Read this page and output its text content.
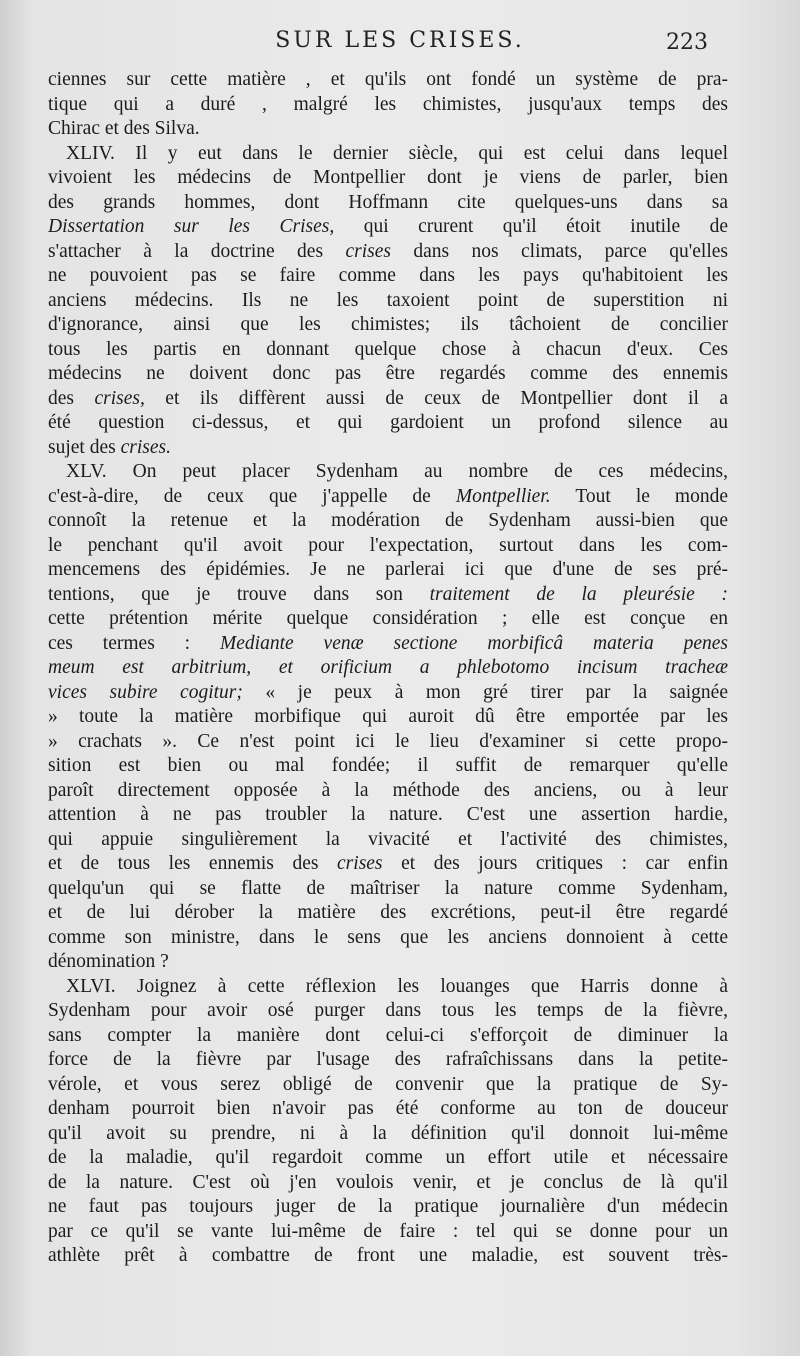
SUR LES CRISES.	223
ciennes sur cette matière , et qu'ils ont fondé un système de pra-
tique qui a duré , malgré les chimistes, jusqu'aux temps des
Chirac et des Silva.
XLIV. Il y eut dans le dernier siècle, qui est celui dans lequel
vivoient les médecins de Montpellier dont je viens de parler, bien
des grands hommes, dont Hoffmann cite quelques-uns dans sa
Dissertation sur les Crises, qui crurent qu'il étoit inutile de
s'attacher à la doctrine des crises dans nos climats, parce qu'elles
ne pouvoient pas se faire comme dans les pays qu'habitoient les
anciens médecins. Ils ne les taxoient point de superstition ni
d'ignorance, ainsi que les chimistes; ils tâchoient de concilier
tous les partis en donnant quelque chose à chacun d'eux. Ces
médecins ne doivent donc pas être regardés comme des ennemis
des crises, et ils diffèrent aussi de ceux de Montpellier dont il a
été question ci-dessus, et qui gardoient un profond silence au
sujet des crises.
XLV. On peut placer Sydenham au nombre de ces médecins,
c'est-à-dire, de ceux que j'appelle de Montpellier. Tout le monde
connoît la retenue et la modération de Sydenham aussi-bien que
le penchant qu'il avoit pour l'expectation, surtout dans les com-
mencemens des épidémies. Je ne parlerai ici que d'une de ses pré-
tentions, que je trouve dans son traitement de la pleurésie :
cette prétention mérite quelque considération ; elle est conçue en
ces termes : Mediante venæ sectione morbificâ materia penes
meum est arbitrium, et orificium a phlebotomo incisum tracheæ
vices subire cogitur; « je peux à mon gré tirer par la saignée
» toute la matière morbifique qui auroit dû être emportée par les
» crachats ». Ce n'est point ici le lieu d'examiner si cette propo-
sition est bien ou mal fondée; il suffit de remarquer qu'elle
paroît directement opposée à la méthode des anciens, ou à leur
attention à ne pas troubler la nature. C'est une assertion hardie,
qui appuie singulièrement la vivacité et l'activité des chimistes,
et de tous les ennemis des crises et des jours critiques : car enfin
quelqu'un qui se flatte de maîtriser la nature comme Sydenham,
et de lui dérober la matière des excrétions, peut-il être regardé
comme son ministre, dans le sens que les anciens donnoient à cette
dénomination ?
XLVI. Joignez à cette réflexion les louanges que Harris donne à
Sydenham pour avoir osé purger dans tous les temps de la fièvre,
sans compter la manière dont celui-ci s'efforçoit de diminuer la
force de la fièvre par l'usage des rafraîchissans dans la petite-
vérole, et vous serez obligé de convenir que la pratique de Sy-
denham pourroit bien n'avoir pas été conforme au ton de douceur
qu'il avoit su prendre, ni à la définition qu'il donnoit lui-même
de la maladie, qu'il regardoit comme un effort utile et nécessaire
de la nature. C'est où j'en voulois venir, et je conclus de là qu'il
ne faut pas toujours juger de la pratique journalière d'un médecin
par ce qu'il se vante lui-même de faire : tel qui se donne pour un
athlète prêt à combattre de front une maladie, est souvent très-
